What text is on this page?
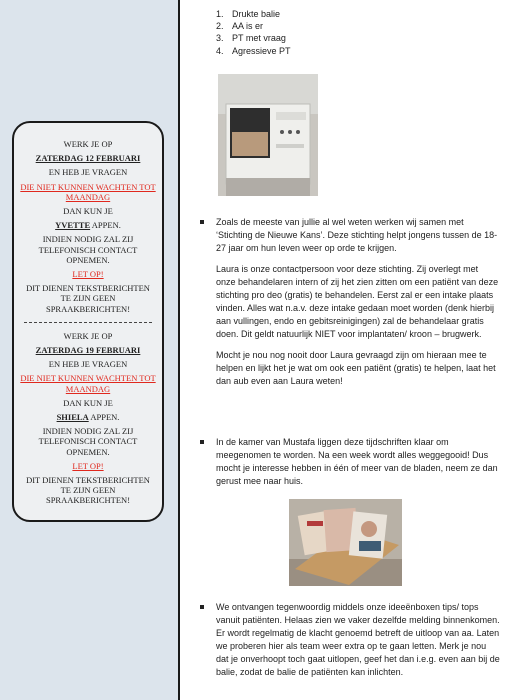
WERK JE OP

ZATERDAG 12 FEBRUARI

EN HEB JE VRAGEN

DIE NIET KUNNEN WACHTEN TOT MAANDAG

DAN KUN JE

YVETTE APPEN.

INDIEN NODIG ZAL ZIJ TELEFONISCH CONTACT OPNEMEN.

LET OP!

DIT DIENEN TEKSTBERICHTEN TE ZIJN GEEN SPRAAKBERICHTEN!

WERK JE OP

ZATERDAG 19 FEBRUARI

EN HEB JE VRAGEN

DIE NIET KUNNEN WACHTEN TOT MAANDAG

DAN KUN JE

SHIELA APPEN.

INDIEN NODIG ZAL ZIJ TELEFONISCH CONTACT OPNEMEN.

LET OP!

DIT DIENEN TEKSTBERICHTEN TE ZIJN GEEN SPRAAKBERICHTEN!

1. Drukte balie
2. AA is er
3. PT met vraag
4. Agressieve PT

Zoals de meeste van jullie al wel weten werken wij samen met ‘Stichting de Nieuwe Kans’. Deze stichting helpt jongens tussen de 18- 27 jaar om hun leven weer op orde te krijgen.

Laura is onze contactpersoon voor deze stichting. Zij overlegt met onze behandelaren intern of zij het zien zitten om een patiënt van deze stichting pro deo (gratis) te behandelen. Eerst zal er een intake plaats vinden. Alles wat n.a.v. deze intake gedaan moet worden (denk hierbij aan vullingen, endo en gebitsreinigingen) zal de behandelaar gratis doen. Dit geldt natuurlijk NIET voor implantaten/ kroon – brugwerk.

Mocht je nou nog nooit door Laura gevraagd zijn om hieraan mee te helpen en lijkt het je wat om ook een patiënt (gratis) te helpen, laat het dan aub even aan Laura weten!

In de kamer van Mustafa liggen deze tijdschriften klaar om meegenomen te worden. Na een week wordt alles weggegooid! Dus mocht je interesse hebben in één of meer van de bladen, neem ze dan gerust mee naar huis.

We ontvangen tegenwoordig middels onze ideeënboxen tips/ tops vanuit patiënten. Helaas zien we vaker dezelfde melding binnenkomen. Er wordt regelmatig de klacht genoemd betreft de uitloop van aa. Laten we proberen hier als team weer extra op te gaan letten. Merk je nou dat je onverhoopt toch gaat uitlopen, geef het dan i.e.g. even aan bij de balie, zodat de balie de patiënten kan inlichten.
